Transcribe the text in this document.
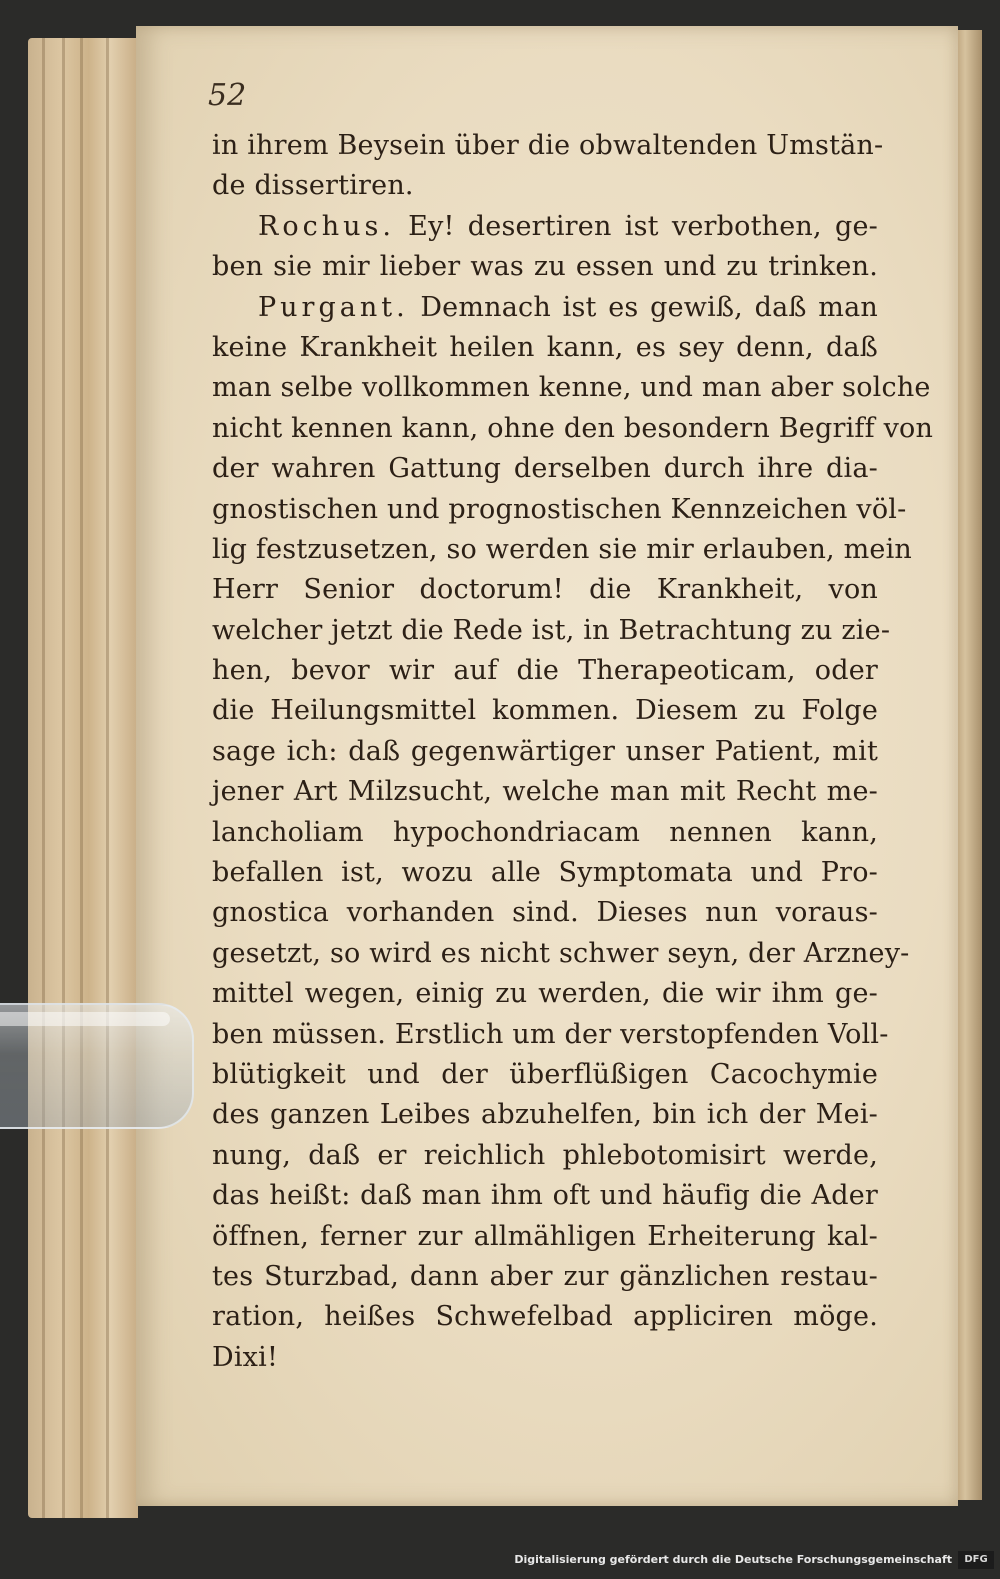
52
in ihrem Beysein über die obwaltenden Umstän-
de dissertiren.
Rochus. Ey! desertiren ist verbothen, ge-
ben sie mir lieber was zu essen und zu trinken.
Purgant. Demnach ist es gewiß, daß man
keine Krankheit heilen kann, es sey denn, daß
man selbe vollkommen kenne, und man aber solche
nicht kennen kann, ohne den besondern Begriff von
der wahren Gattung derselben durch ihre dia-
gnostischen und prognostischen Kennzeichen völ-
lig festzusetzen, so werden sie mir erlauben, mein
Herr Senior doctorum! die Krankheit, von
welcher jetzt die Rede ist, in Betrachtung zu zie-
hen, bevor wir auf die Therapeoticam, oder
die Heilungsmittel kommen. Diesem zu Folge
sage ich: daß gegenwärtiger unser Patient, mit
jener Art Milzsucht, welche man mit Recht me-
lancholiam hypochondriacam nennen kann,
befallen ist, wozu alle Symptomata und Pro-
gnostica vorhanden sind. Dieses nun voraus-
gesetzt, so wird es nicht schwer seyn, der Arzney-
mittel wegen, einig zu werden, die wir ihm ge-
ben müssen. Erstlich um der verstopfenden Voll-
blütigkeit und der überflüßigen Cacochymie
des ganzen Leibes abzuhelfen, bin ich der Mei-
nung, daß er reichlich phlebotomisirt werde,
das heißt: daß man ihm oft und häufig die Ader
öffnen, ferner zur allmähligen Erheiterung kal-
tes Sturzbad, dann aber zur gänzlichen restau-
ration, heißes Schwefelbad appliciren möge.
Dixi!
Digitalisierung gefördert durch die Deutsche Forschungsgemeinschaft	DFG
